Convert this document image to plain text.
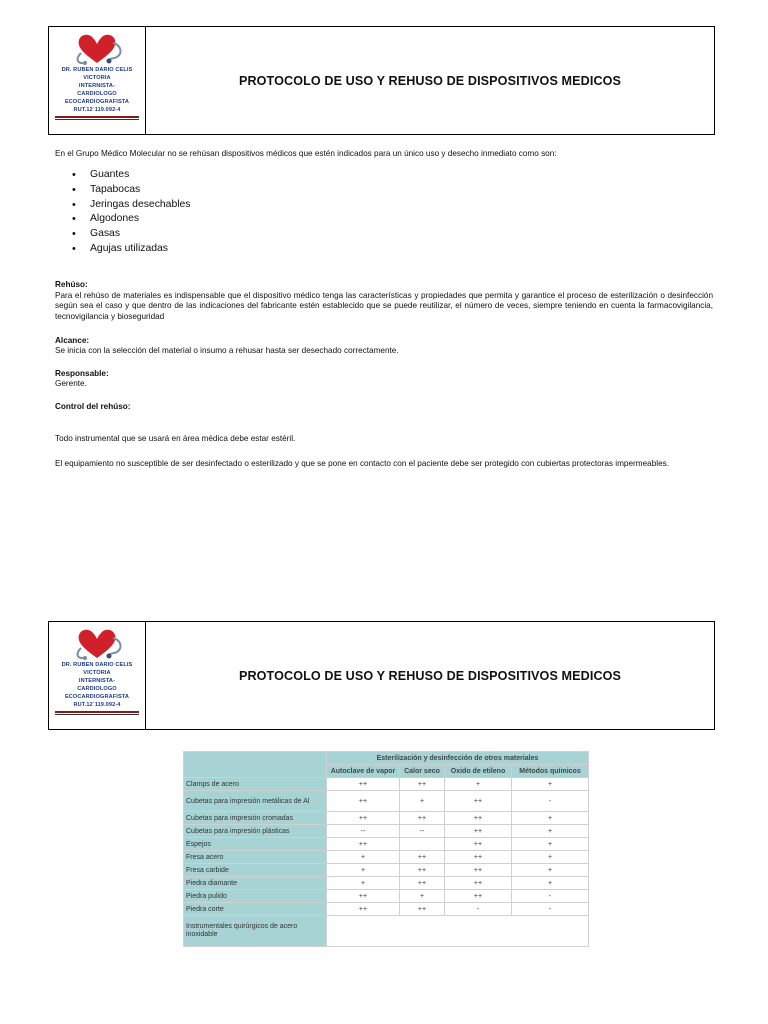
DR. RUBEN DARIO CELIS
VICTORIA
INTERNISTA-
CARDIOLOGO
ECOCARDIOGRAFISTA
RUT.12´119.092-4
PROTOCOLO DE USO Y REHUSO DE DISPOSITIVOS MEDICOS
En el Grupo Médico Molecular no se rehúsan dispositivos médicos que estén indicados para un único uso y desecho inmediato como son:
• Guantes
• Tapabocas
• Jeringas desechables
• Algodones
• Gasas
• Agujas utilizadas
Rehúso:
Para el rehúso de materiales es indispensable que el dispositivo médico tenga las características y propiedades que permita y garantice el proceso de esterilización o desinfección según sea el caso y que dentro de las indicaciones del fabricante estén establecido que se puede reutilizar, el número de veces, siempre teniendo en cuenta la farmacovigilancia, tecnovigilancia y bioseguridad
Alcance:
Se inicia con la selección del material o insumo a rehusar hasta ser desechado correctamente.
Responsable:
Gerente.
Control del rehúso:
Todo instrumental que se usará en área médica debe estar estéril.
El equipamiento no susceptible de ser desinfectado o esterilizado y que se pone en contacto con el paciente debe ser protegido con cubiertas protectoras impermeables.
DR. RUBEN DARIO CELIS
VICTORIA
INTERNISTA-
CARDIOLOGO
ECOCARDIOGRAFISTA
RUT.12´119.092-4
PROTOCOLO DE USO Y REHUSO DE DISPOSITIVOS MEDICOS
	Esterilización y desinfección de otros materiales			
	Autoclave de vapor	Calor seco	Oxido de etileno	Métodos químicos
Clamps de acero	++	++	+	+
Cubetas para impresión metálicas de Al	++	+	++	-
Cubetas para impresión cromadas	++	++	++	+
Cubetas para impresión plásticas	--	--	++	+
Espejos	++		++	+
Fresa acero	+	++	++	+
Fresa carbide	+	++	++	+
Piedra diamante	+	++	++	+
Piedra pulido	++	+	++	-
Piedra corte	++	++	-	-
Instrumentales quirúrgicos de acero inoxidable				
